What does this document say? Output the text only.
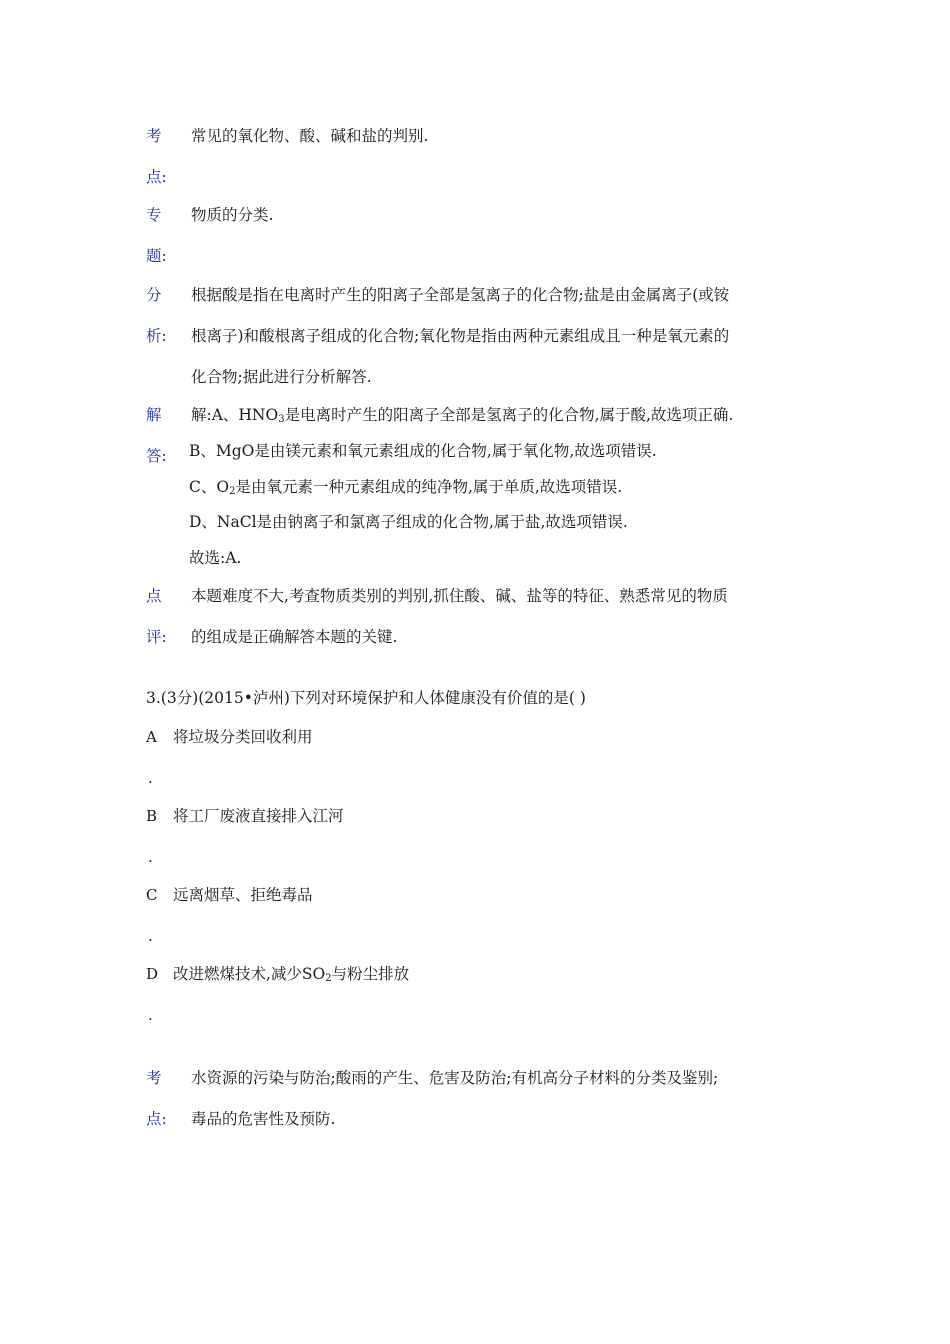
考 常见的氧化物、酸、碱和盐的判别.
点:
专 物质的分类.
题:
分 根据酸是指在电离时产生的阳离子全部是氢离子的化合物;盐是由金属离子(或铵
析: 根离子)和酸根离子组成的化合物;氧化物是指由两种元素组成且一种是氧元素的
化合物;据此进行分析解答.
解 解:A、$HNO_3$是电离时产生的阳离子全部是氢离子的化合物,属于酸,故选项正确.
答: B、MgO是由镁元素和氧元素组成的化合物,属于氧化物,故选项错误.
C、$O_2$是由氧元素一种元素组成的纯净物,属于单质,故选项错误.
D、NaCl是由钠离子和氯离子组成的化合物,属于盐,故选项错误.
故选:A.
点 本题难度不大,考查物质类别的判别,抓住酸、碱、盐等的特征、熟悉常见的物质
评: 的组成是正确解答本题的关键.
3.(3分)(2015•泸州)下列对环境保护和人体健康没有价值的是( )
A 将垃圾分类回收利用
.
B 将工厂废液直接排入江河
.
C 远离烟草、拒绝毒品
.
D 改进燃煤技术,减少$SO_2$与粉尘排放
.
考 水资源的污染与防治;酸雨的产生、危害及防治;有机高分子材料的分类及鉴别;
点: 毒品的危害性及预防.
